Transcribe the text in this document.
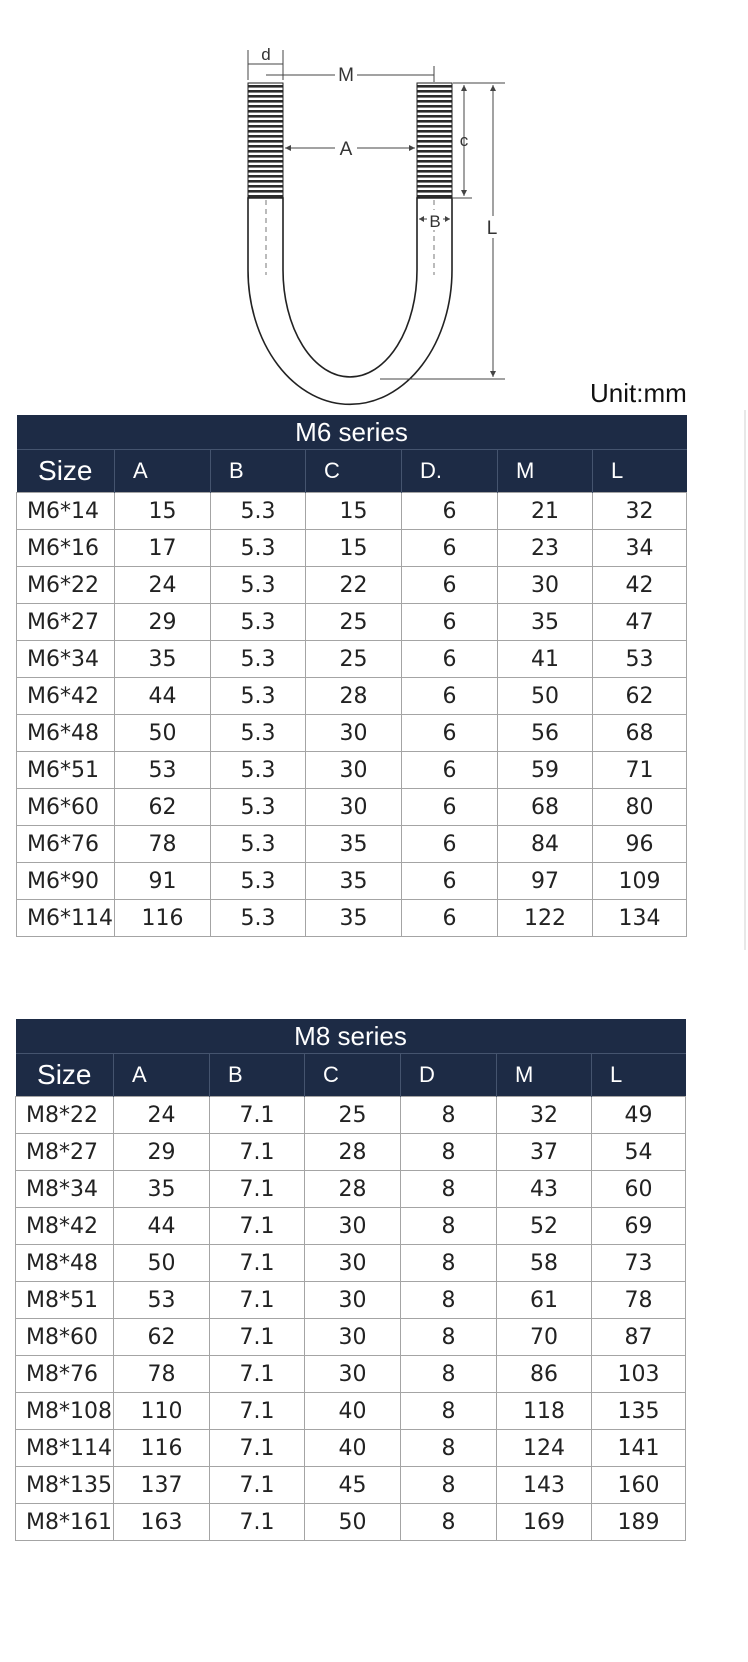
d
M
A	c
B L
Unit:mm
M6 series						
Size	A	B	C	D.	M	L
M6*14	15	5.3	15	6	21	32
M6*16	17	5.3	15	6	23	34
M6*22	24	5.3	22	6	30	42
M6*27	29	5.3	25	6	35	47
M6*34	35	5.3	25	6	41	53
M6*42	44	5.3	28	6	50	62
M6*48	50	5.3	30	6	56	68
M6*51	53	5.3	30	6	59	71
M6*60	62	5.3	30	6	68	80
M6*76	78	5.3	35	6	84	96
M6*90	91	5.3	35	6	97	109
M6*114	116	5.3	35	6	122	134
M8 series						
Size	A	B	C	D	M	L
M8*22	24	7.1	25	8	32	49
M8*27	29	7.1	28	8	37	54
M8*34	35	7.1	28	8	43	60
M8*42	44	7.1	30	8	52	69
M8*48	50	7.1	30	8	58	73
M8*51	53	7.1	30	8	61	78
M8*60	62	7.1	30	8	70	87
M8*76	78	7.1	30	8	86	103
M8*108	110	7.1	40	8	118	135
M8*114	116	7.1	40	8	124	141
M8*135	137	7.1	45	8	143	160
M8*161	163	7.1	50	8	169	189
